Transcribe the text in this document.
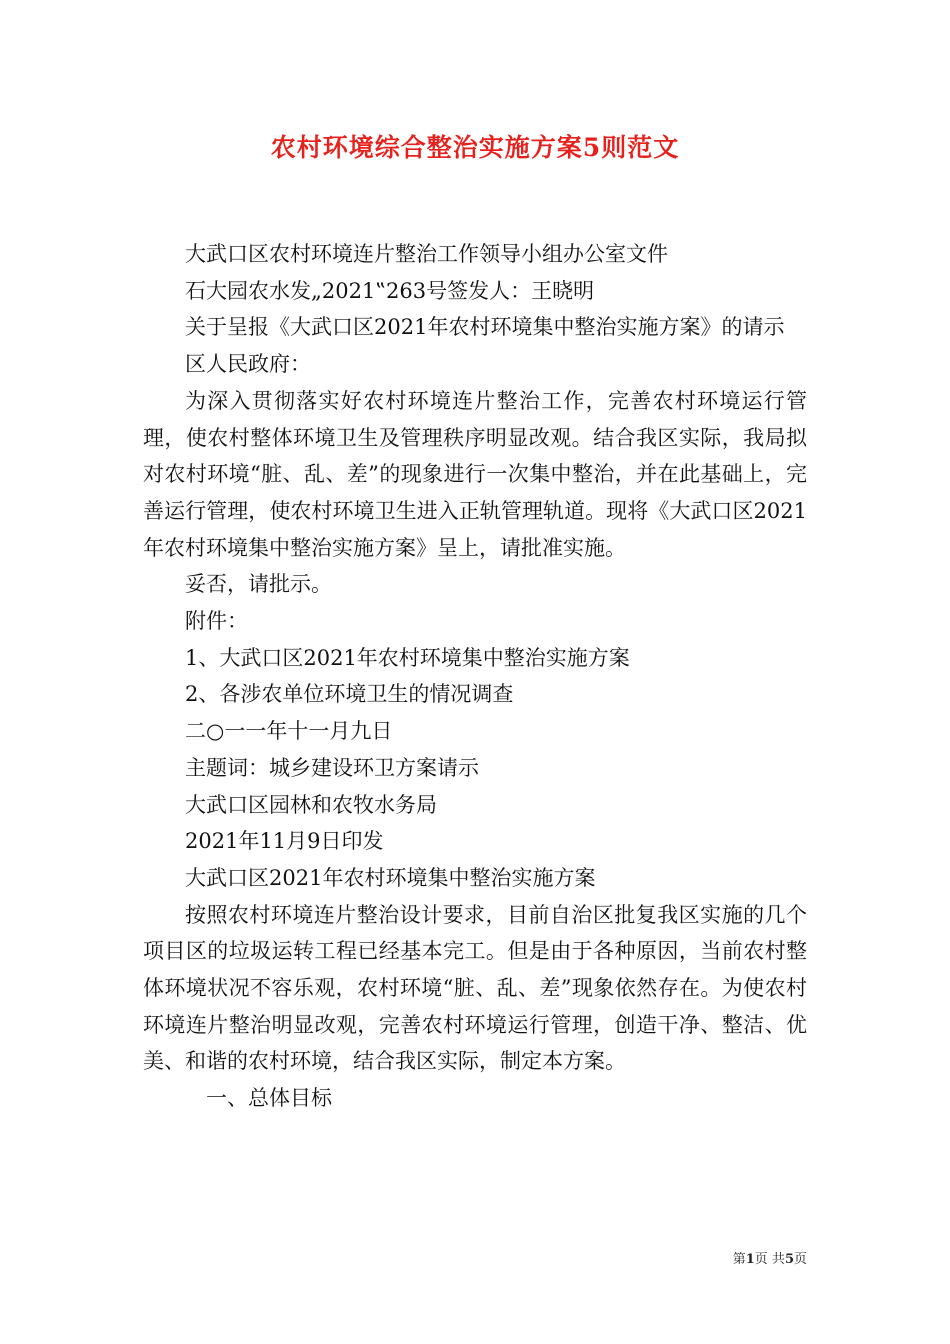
农村环境综合整治实施方案5则范文

大武口区农村环境连片整治工作领导小组办公室文件

石大园农水发„2021‟263号签发人：王晓明

关于呈报《大武口区2021年农村环境集中整治实施方案》的请示

区人民政府：

为深入贯彻落实好农村环境连片整治工作，完善农村环境运行管理，使农村整体环境卫生及管理秩序明显改观。结合我区实际，我局拟对农村环境“脏、乱、差”的现象进行一次集中整治，并在此基础上，完善运行管理，使农村环境卫生进入正轨管理轨道。现将《大武口区2021年农村环境集中整治实施方案》呈上，请批准实施。

妥否，请批示。

附件：

1、大武口区2021年农村环境集中整治实施方案

2、各涉农单位环境卫生的情况调查

二○一一年十一月九日

主题词：城乡建设环卫方案请示

大武口区园林和农牧水务局

2021年11月9日印发

大武口区2021年农村环境集中整治实施方案

按照农村环境连片整治设计要求，目前自治区批复我区实施的几个项目区的垃圾运转工程已经基本完工。但是由于各种原因，当前农村整体环境状况不容乐观，农村环境“脏、乱、差”现象依然存在。为使农村环境连片整治明显改观，完善农村环境运行管理，创造干净、整洁、优美、和谐的农村环境，结合我区实际，制定本方案。

一、总体目标

第1页 共5页
